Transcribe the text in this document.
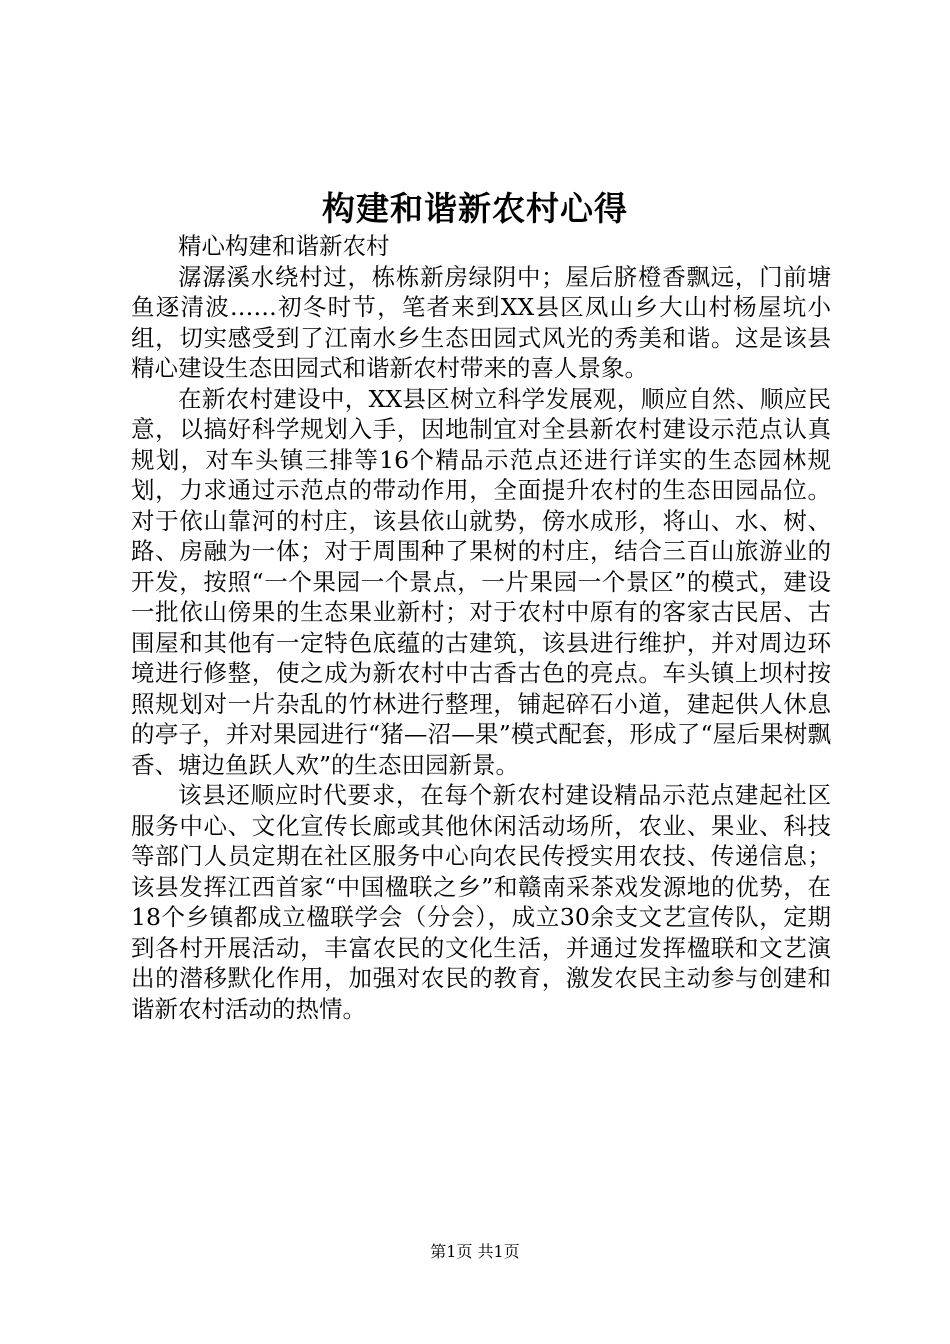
构建和谐新农村心得

精心构建和谐新农村

潺潺溪水绕村过，栋栋新房绿阴中；屋后脐橙香飘远，门前塘鱼逐清波……初冬时节，笔者来到XX县区凤山乡大山村杨屋坑小组，切实感受到了江南水乡生态田园式风光的秀美和谐。这是该县精心建设生态田园式和谐新农村带来的喜人景象。

在新农村建设中，XX县区树立科学发展观，顺应自然、顺应民意，以搞好科学规划入手，因地制宜对全县新农村建设示范点认真规划，对车头镇三排等16个精品示范点还进行详实的生态园林规划，力求通过示范点的带动作用，全面提升农村的生态田园品位。对于依山靠河的村庄，该县依山就势，傍水成形，将山、水、树、路、房融为一体；对于周围种了果树的村庄，结合三百山旅游业的开发，按照“一个果园一个景点，一片果园一个景区”的模式，建设一批依山傍果的生态果业新村；对于农村中原有的客家古民居、古围屋和其他有一定特色底蕴的古建筑，该县进行维护，并对周边环境进行修整，使之成为新农村中古香古色的亮点。车头镇上坝村按照规划对一片杂乱的竹林进行整理，铺起碎石小道，建起供人休息的亭子，并对果园进行“猪—沼—果”模式配套，形成了“屋后果树飘香、塘边鱼跃人欢”的生态田园新景。

该县还顺应时代要求，在每个新农村建设精品示范点建起社区服务中心、文化宣传长廊或其他休闲活动场所，农业、果业、科技等部门人员定期在社区服务中心向农民传授实用农技、传递信息；该县发挥江西首家“中国楹联之乡”和赣南采茶戏发源地的优势，在18个乡镇都成立楹联学会（分会），成立30余支文艺宣传队，定期到各村开展活动，丰富农民的文化生活，并通过发挥楹联和文艺演出的潜移默化作用，加强对农民的教育，激发农民主动参与创建和谐新农村活动的热情。

第1页 共1页
